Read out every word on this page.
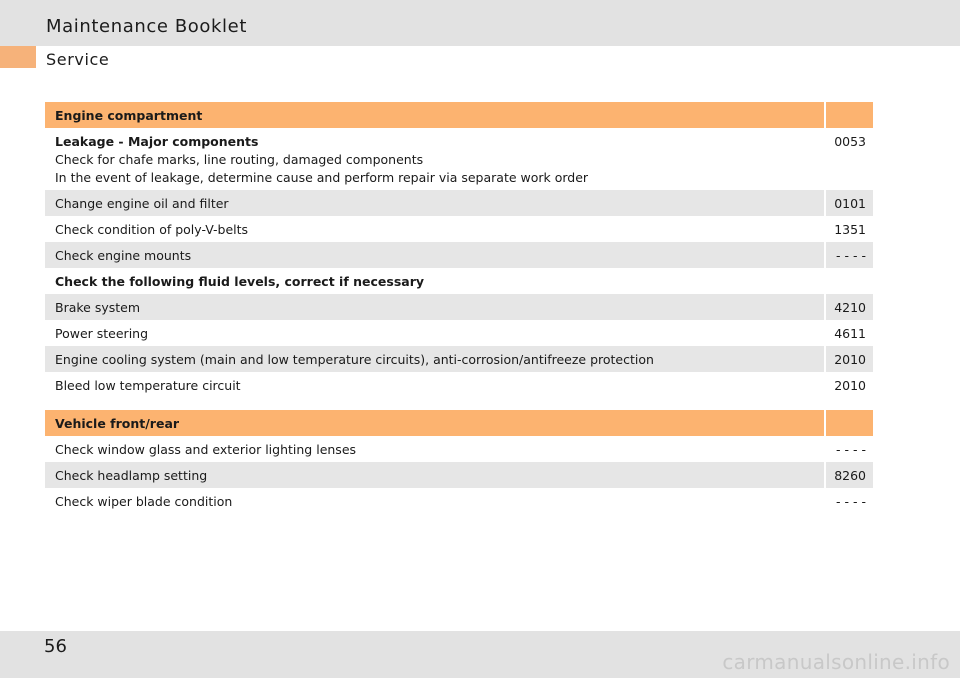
Maintenance Booklet
Service
Engine compartment
Leakage - Major components
Check for chafe marks, line routing, damaged components
In the event of leakage, determine cause and perform repair via separate work order
0053
Change engine oil and filter	0101
Check condition of poly-V-belts	1351
Check engine mounts	- - - -
Check the following fluid levels, correct if necessary
Brake system	4210
Power steering	4611
Engine cooling system (main and low temperature circuits), anti-corrosion/antifreeze protection	2010
Bleed low temperature circuit	2010
Vehicle front/rear
Check window glass and exterior lighting lenses	- - - -
Check headlamp setting	8260
Check wiper blade condition	- - - -
56
carmanualsonline.info
